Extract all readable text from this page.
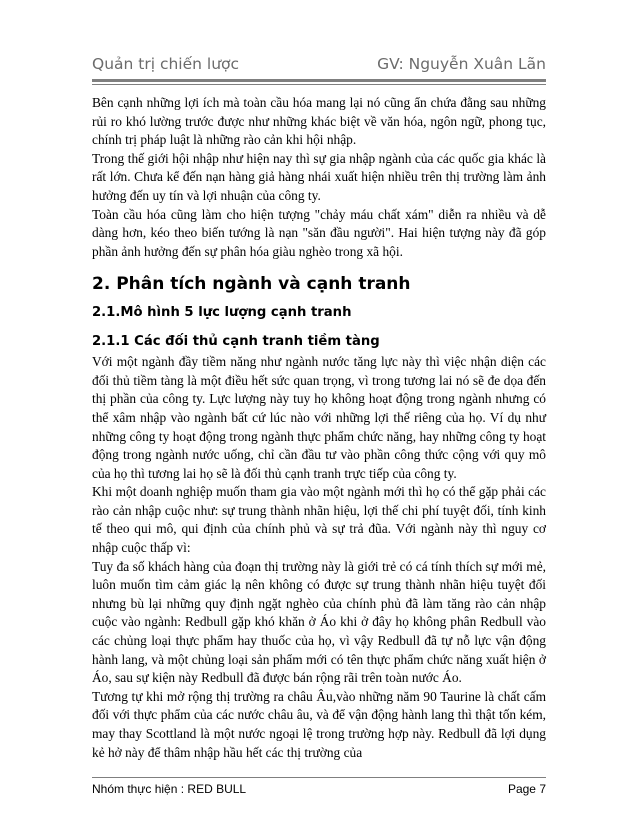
Quản trị chiến lược	GV: Nguyễn Xuân Lãn

Bên cạnh những lợi ích mà toàn cầu hóa mang lại nó cũng ẩn chứa đằng sau những rủi ro khó lường trước được như những khác biệt về văn hóa, ngôn ngữ, phong tục, chính trị pháp luật là những rào cản khi hội nhập.

Trong thế giới hội nhập như hiện nay thì sự gia nhập ngành của các quốc gia khác là rất lớn. Chưa kể đến nạn hàng giả hàng nhái xuất hiện nhiều trên thị trường làm ảnh hưởng đến uy tín và lợi nhuận của công ty.

Toàn cầu hóa cũng làm cho hiện tượng "chảy máu chất xám" diễn ra nhiều và dễ dàng hơn, kéo theo biến tướng là nạn "săn đầu người". Hai hiện tượng này đã góp phần ảnh hưởng đến sự phân hóa giàu nghèo trong xã hội.

2. Phân tích ngành và cạnh tranh
2.1.Mô hình 5 lực lượng cạnh tranh
2.1.1 Các đối thủ cạnh tranh tiềm tàng

Với một ngành đầy tiềm năng như ngành nước tăng lực này thì việc nhận diện các đối thủ tiềm tàng là một điều hết sức quan trọng, vì trong tương lai nó sẽ đe dọa đến thị phần của công ty. Lực lượng này tuy họ không hoạt động trong ngành nhưng có thể xâm nhập vào ngành bất cứ lúc nào với những lợi thế riêng của họ. Ví dụ như những công ty hoạt động trong ngành thực phẩm chức năng, hay những công ty hoạt động trong ngành nước uống, chỉ cần đầu tư vào phần công thức cộng với quy mô của họ thì tương lai họ sẽ là đối thủ cạnh tranh trực tiếp của công ty.

Khi một doanh nghiệp muốn tham gia vào một ngành mới thì họ có thể gặp phải các rào cản nhập cuộc như: sự trung thành nhãn hiệu, lợi thế chi phí tuyệt đối, tính kinh tế theo qui mô, qui định của chính phủ và sự trả đũa. Với ngành này thì nguy cơ nhập cuộc thấp vì:

Tuy đa số khách hàng của đoạn thị trường này là giới trẻ có cá tính thích sự mới mẻ, luôn muốn tìm cảm giác lạ nên không có được sự trung thành nhãn hiệu tuyệt đối nhưng bù lại những quy định ngặt nghèo của chính phủ đã làm tăng rào cản nhập cuộc vào ngành: Redbull gặp khó khăn ở Áo khi ở đây họ không phân Redbull vào các chủng loại thực phẩm hay thuốc của họ, vì vậy Redbull đã tự nỗ lực vận động hành lang, và một chủng loại sản phẩm mới có tên thực phẩm chức năng xuất hiện ở Áo, sau sự kiện này Redbull đã được bán rộng rãi trên toàn nước Áo.

Tương tự khi mở rộng thị trường ra châu Âu,vào những năm 90 Taurine là chất cấm đối với thực phẩm của các nước châu âu, và để vận động hành lang thì thật tốn kém, may thay Scottland là một nước ngoại lệ trong trường hợp này. Redbull đã lợi dụng kẻ hở này để thâm nhập hầu hết các thị trường của

Nhóm thực hiện : RED BULL	Page 7
